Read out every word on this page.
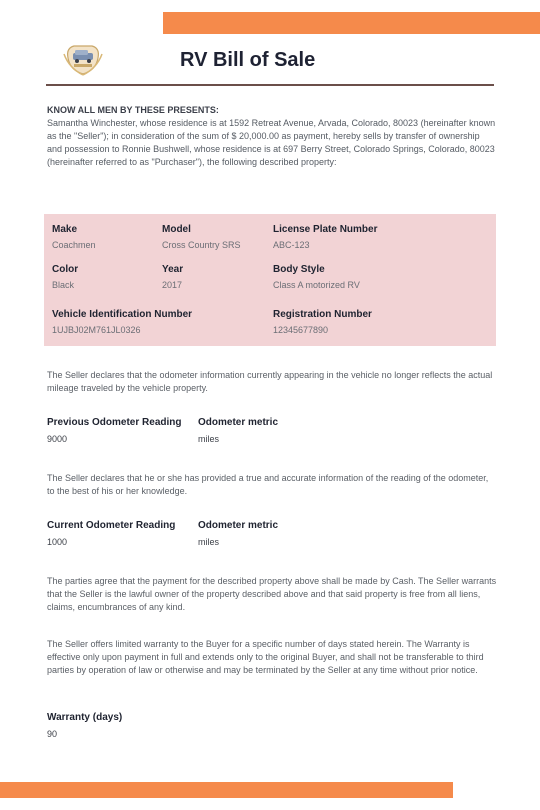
RV Bill of Sale
KNOW ALL MEN BY THESE PRESENTS:

Samantha Winchester, whose residence is at 1592 Retreat Avenue, Arvada, Colorado, 80023 (hereinafter known as the "Seller"); in consideration of the sum of $ 20,000.00 as payment, hereby sells by transfer of ownership and possession to Ronnie Bushwell, whose residence is at 697 Berry Street, Colorado Springs, Colorado, 80023 (hereinafter referred to as "Purchaser"), the following described property:

Make
Coachmen
Model
Cross Country SRS
License Plate Number
ABC-123
Color
Black
Year
2017
Body Style
Class A motorized RV
Vehicle Identification Number
1UJBJ02M761JL0326
Registration Number
12345677890

The Seller declares that the odometer information currently appearing in the vehicle no longer reflects the actual mileage traveled by the vehicle property.

Previous Odometer Reading
9000
Odometer metric
miles

The Seller declares that he or she has provided a true and accurate information of the reading of the odometer, to the best of his or her knowledge.

Current Odometer Reading
1000
Odometer metric
miles

The parties agree that the payment for the described property above shall be made by Cash. The Seller warrants that the Seller is the lawful owner of the property described above and that said property is free from all liens, claims, encumbrances of any kind.

The Seller offers limited warranty to the Buyer for a specific number of days stated herein. The Warranty is effective only upon payment in full and extends only to the original Buyer, and shall not be transferable to third parties by operation of law or otherwise and may be terminated by the Seller at any time without prior notice.

Warranty (days)
90
